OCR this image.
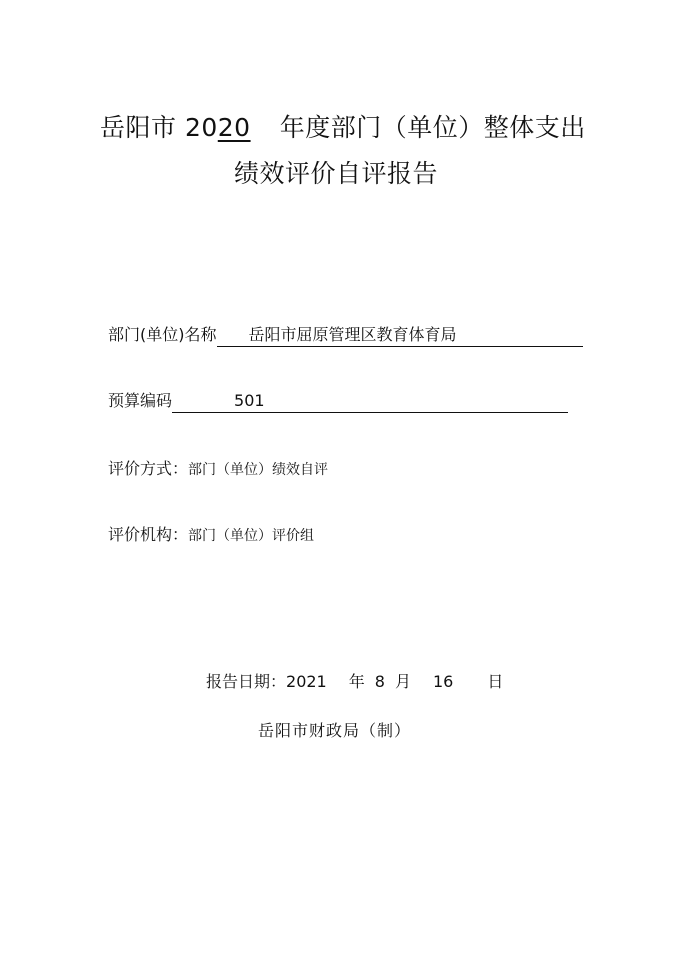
岳阳市 2020 年度部门（单位）整体支出
绩效评价自评报告
部门(单位)名称 岳阳市屈原管理区教育体育局
预算编码	501
评价方式：部门（单位）绩效自评
评价机构：部门（单位）评价组
报告日期：2021 年 8 月 16 日
岳阳市财政局（制）
